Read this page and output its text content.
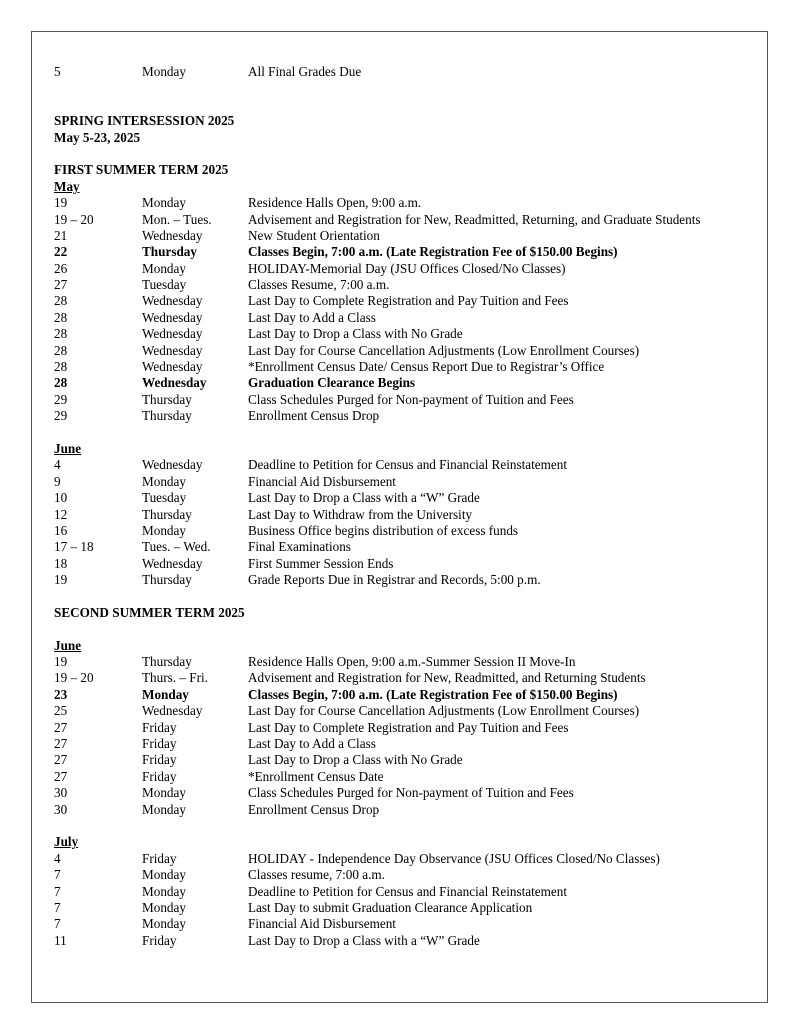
5	Monday	All Final Grades Due
SPRING INTERSESSION 2025
May 5-23, 2025
FIRST SUMMER TERM 2025
May
19	Monday	Residence Halls Open, 9:00 a.m.
19 – 20	Mon. – Tues.	Advisement and Registration for New, Readmitted, Returning, and Graduate Students
21	Wednesday	New Student Orientation
22	Thursday	Classes Begin, 7:00 a.m. (Late Registration Fee of $150.00 Begins)
26	Monday	HOLIDAY-Memorial Day (JSU Offices Closed/No Classes)
27	Tuesday	Classes Resume, 7:00 a.m.
28	Wednesday	Last Day to Complete Registration and Pay Tuition and Fees
28	Wednesday	Last Day to Add a Class
28	Wednesday	Last Day to Drop a Class with No Grade
28	Wednesday	Last Day for Course Cancellation Adjustments (Low Enrollment Courses)
28	Wednesday	*Enrollment Census Date/ Census Report Due to Registrar’s Office
28	Wednesday	Graduation Clearance Begins
29	Thursday	Class Schedules Purged for Non-payment of Tuition and Fees
29	Thursday	Enrollment Census Drop
June
4	Wednesday	Deadline to Petition for Census and Financial Reinstatement
9	Monday	Financial Aid Disbursement
10	Tuesday	Last Day to Drop a Class with a “W” Grade
12	Thursday	Last Day to Withdraw from the University
16	Monday	Business Office begins distribution of excess funds
17 – 18	Tues. – Wed.	Final Examinations
18	Wednesday	First Summer Session Ends
19	Thursday	Grade Reports Due in Registrar and Records, 5:00 p.m.
SECOND SUMMER TERM 2025
June
19	Thursday	Residence Halls Open, 9:00 a.m.-Summer Session II Move-In
19 – 20	Thurs. – Fri.	Advisement and Registration for New, Readmitted, and Returning Students
23	Monday	Classes Begin, 7:00 a.m. (Late Registration Fee of $150.00 Begins)
25	Wednesday	Last Day for Course Cancellation Adjustments (Low Enrollment Courses)
27	Friday	Last Day to Complete Registration and Pay Tuition and Fees
27	Friday	Last Day to Add a Class
27	Friday	Last Day to Drop a Class with No Grade
27	Friday	*Enrollment Census Date
30	Monday	Class Schedules Purged for Non-payment of Tuition and Fees
30	Monday	Enrollment Census Drop
July
4	Friday	HOLIDAY - Independence Day Observance (JSU Offices Closed/No Classes)
7	Monday	Classes resume, 7:00 a.m.
7	Monday	Deadline to Petition for Census and Financial Reinstatement
7	Monday	Last Day to submit Graduation Clearance Application
7	Monday	Financial Aid Disbursement
11	Friday	Last Day to Drop a Class with a “W” Grade
